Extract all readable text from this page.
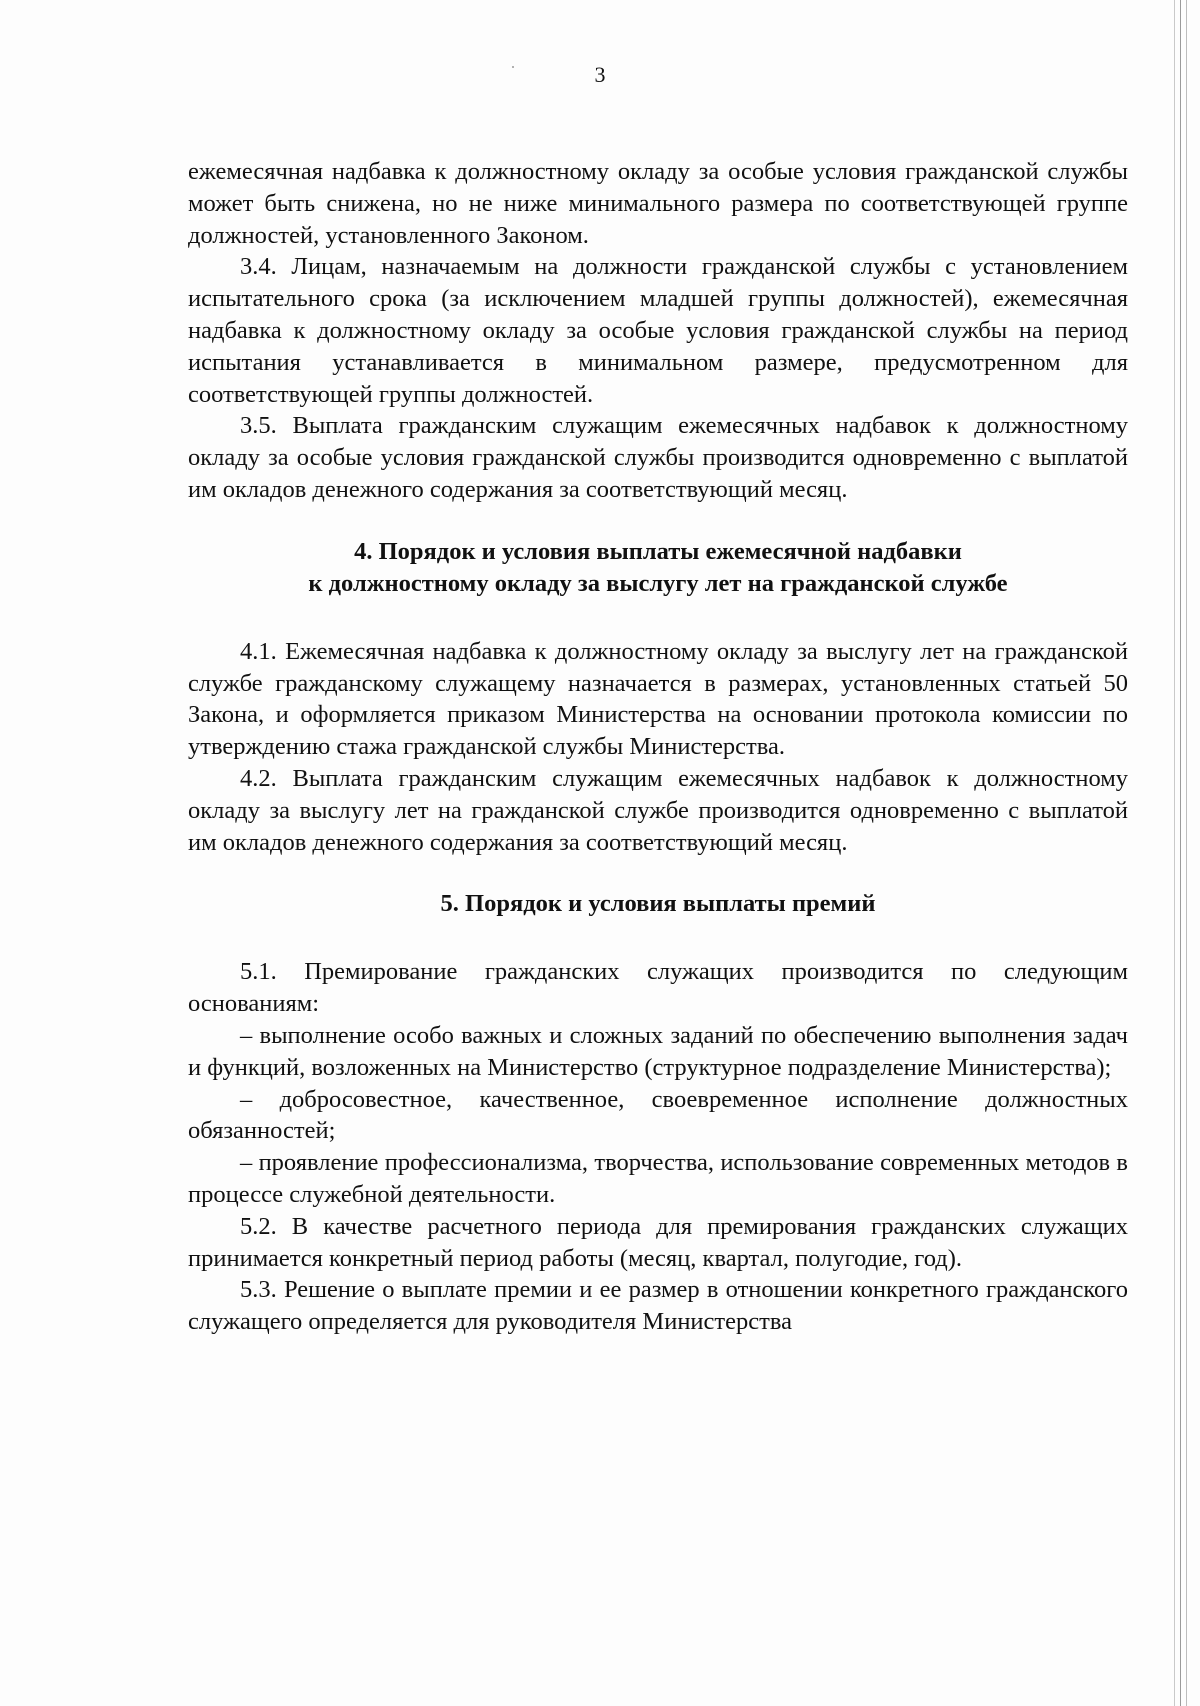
3

ежемесячная надбавка к должностному окладу за особые условия гражданской службы может быть снижена, но не ниже минимального размера по соответствующей группе должностей, установленного Законом.

3.4. Лицам, назначаемым на должности гражданской службы с установлением испытательного срока (за исключением младшей группы должностей), ежемесячная надбавка к должностному окладу за особые условия гражданской службы на период испытания устанавливается в минимальном размере, предусмотренном для соответствующей группы должностей.

3.5. Выплата гражданским служащим ежемесячных надбавок к должностному окладу за особые условия гражданской службы производится одновременно с выплатой им окладов денежного содержания за соответствующий месяц.

4. Порядок и условия выплаты ежемесячной надбавки
к должностному окладу за выслугу лет на гражданской службе

4.1. Ежемесячная надбавка к должностному окладу за выслугу лет на гражданской службе гражданскому служащему назначается в размерах, установленных статьей 50 Закона, и оформляется приказом Министерства на основании протокола комиссии по утверждению стажа гражданской службы Министерства.

4.2. Выплата гражданским служащим ежемесячных надбавок к должностному окладу за выслугу лет на гражданской службе производится одновременно с выплатой им окладов денежного содержания за соответствующий месяц.

5. Порядок и условия выплаты премий

5.1. Премирование гражданских служащих производится по следующим основаниям:

– выполнение особо важных и сложных заданий по обеспечению выполнения задач и функций, возложенных на Министерство (структурное подразделение Министерства);

– добросовестное, качественное, своевременное исполнение должностных обязанностей;

– проявление профессионализма, творчества, использование современных методов в процессе служебной деятельности.

5.2. В качестве расчетного периода для премирования гражданских служащих принимается конкретный период работы (месяц, квартал, полугодие, год).

5.3. Решение о выплате премии и ее размер в отношении конкретного гражданского служащего определяется для руководителя Министерства
